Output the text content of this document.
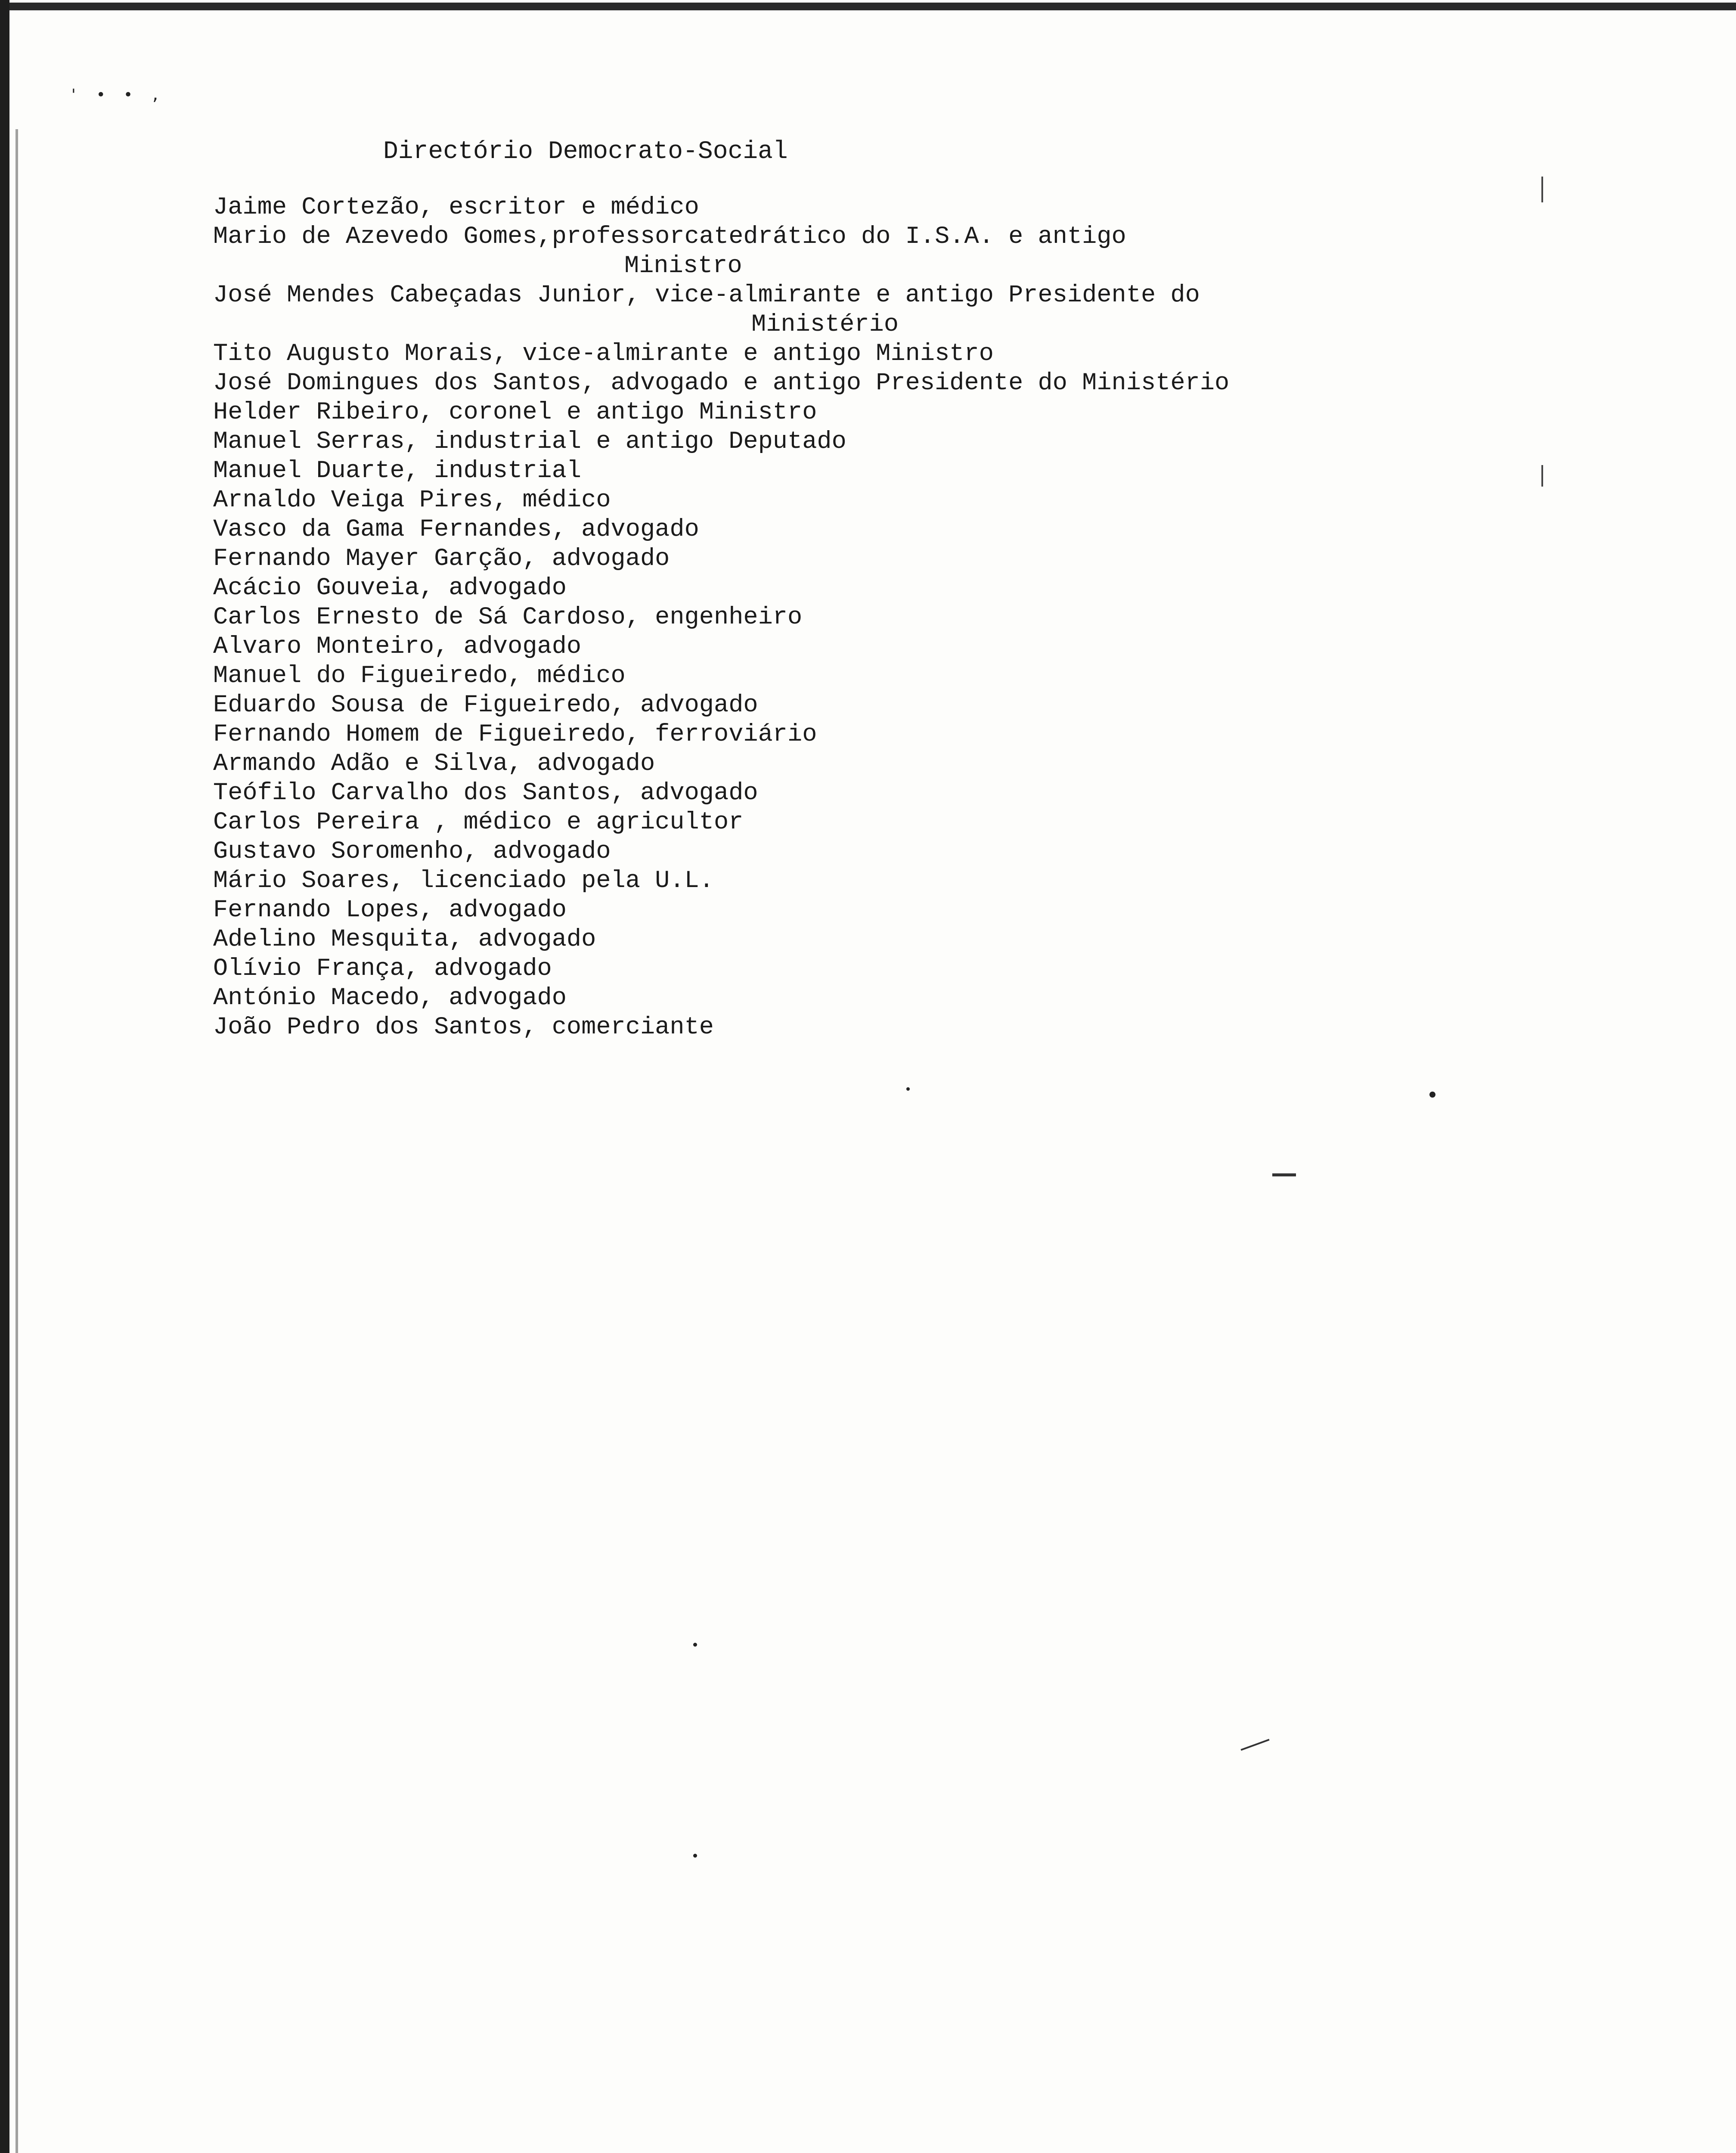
' • • ,
Directório Democrato-Social
Jaime Cortezão, escritor e médico
Mario de Azevedo Gomes,professorcatedrático do I.S.A. e antigo
Ministro
José Mendes Cabeçadas Junior, vice-almirante e antigo Presidente do
Ministério
Tito Augusto Morais, vice-almirante e antigo Ministro
José Domingues dos Santos, advogado e antigo Presidente do Ministério
Helder Ribeiro, coronel e antigo Ministro
Manuel Serras, industrial e antigo Deputado
Manuel Duarte, industrial
Arnaldo Veiga Pires, médico
Vasco da Gama Fernandes, advogado
Fernando Mayer Garção, advogado
Acácio Gouveia, advogado
Carlos Ernesto de Sá Cardoso, engenheiro
Alvaro Monteiro, advogado
Manuel do Figueiredo, médico
Eduardo Sousa de Figueiredo, advogado
Fernando Homem de Figueiredo, ferroviário
Armando Adão e Silva, advogado
Teófilo Carvalho dos Santos, advogado
Carlos Pereira , médico e agricultor
Gustavo Soromenho, advogado
Mário Soares, licenciado pela U.L.
Fernando Lopes, advogado
Adelino Mesquita, advogado
Olívio França, advogado
António Macedo, advogado
João Pedro dos Santos, comerciante
